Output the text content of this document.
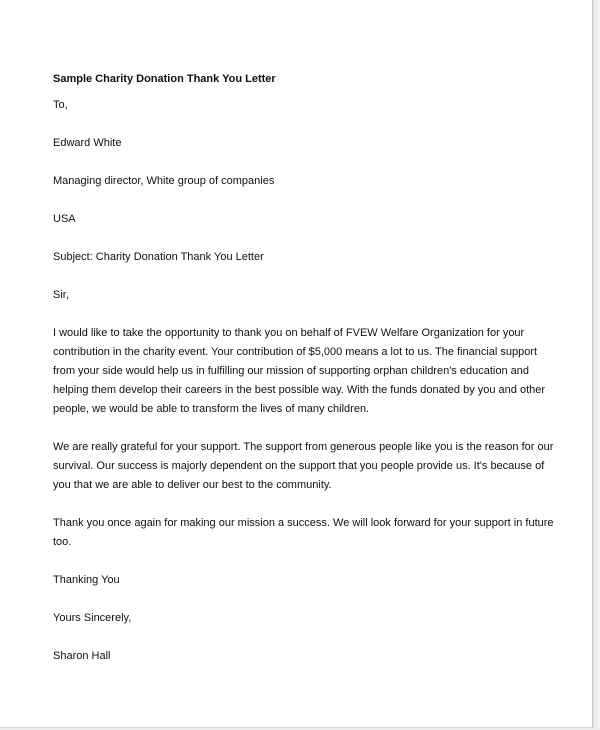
Sample Charity Donation Thank You Letter
To,
Edward White
Managing director, White group of companies
USA
Subject: Charity Donation Thank You Letter
Sir,
I would like to take the opportunity to thank you on behalf of FVEW Welfare Organization for your
contribution in the charity event. Your contribution of $5,000 means a lot to us. The financial support
from your side would help us in fulfilling our mission of supporting orphan children's education and
helping them develop their careers in the best possible way. With the funds donated by you and other
people, we would be able to transform the lives of many children.
We are really grateful for your support. The support from generous people like you is the reason for our
survival. Our success is majorly dependent on the support that you people provide us. It's because of
you that we are able to deliver our best to the community.
Thank you once again for making our mission a success. We will look forward for your support in future
too.
Thanking You
Yours Sincerely,
Sharon Hall
